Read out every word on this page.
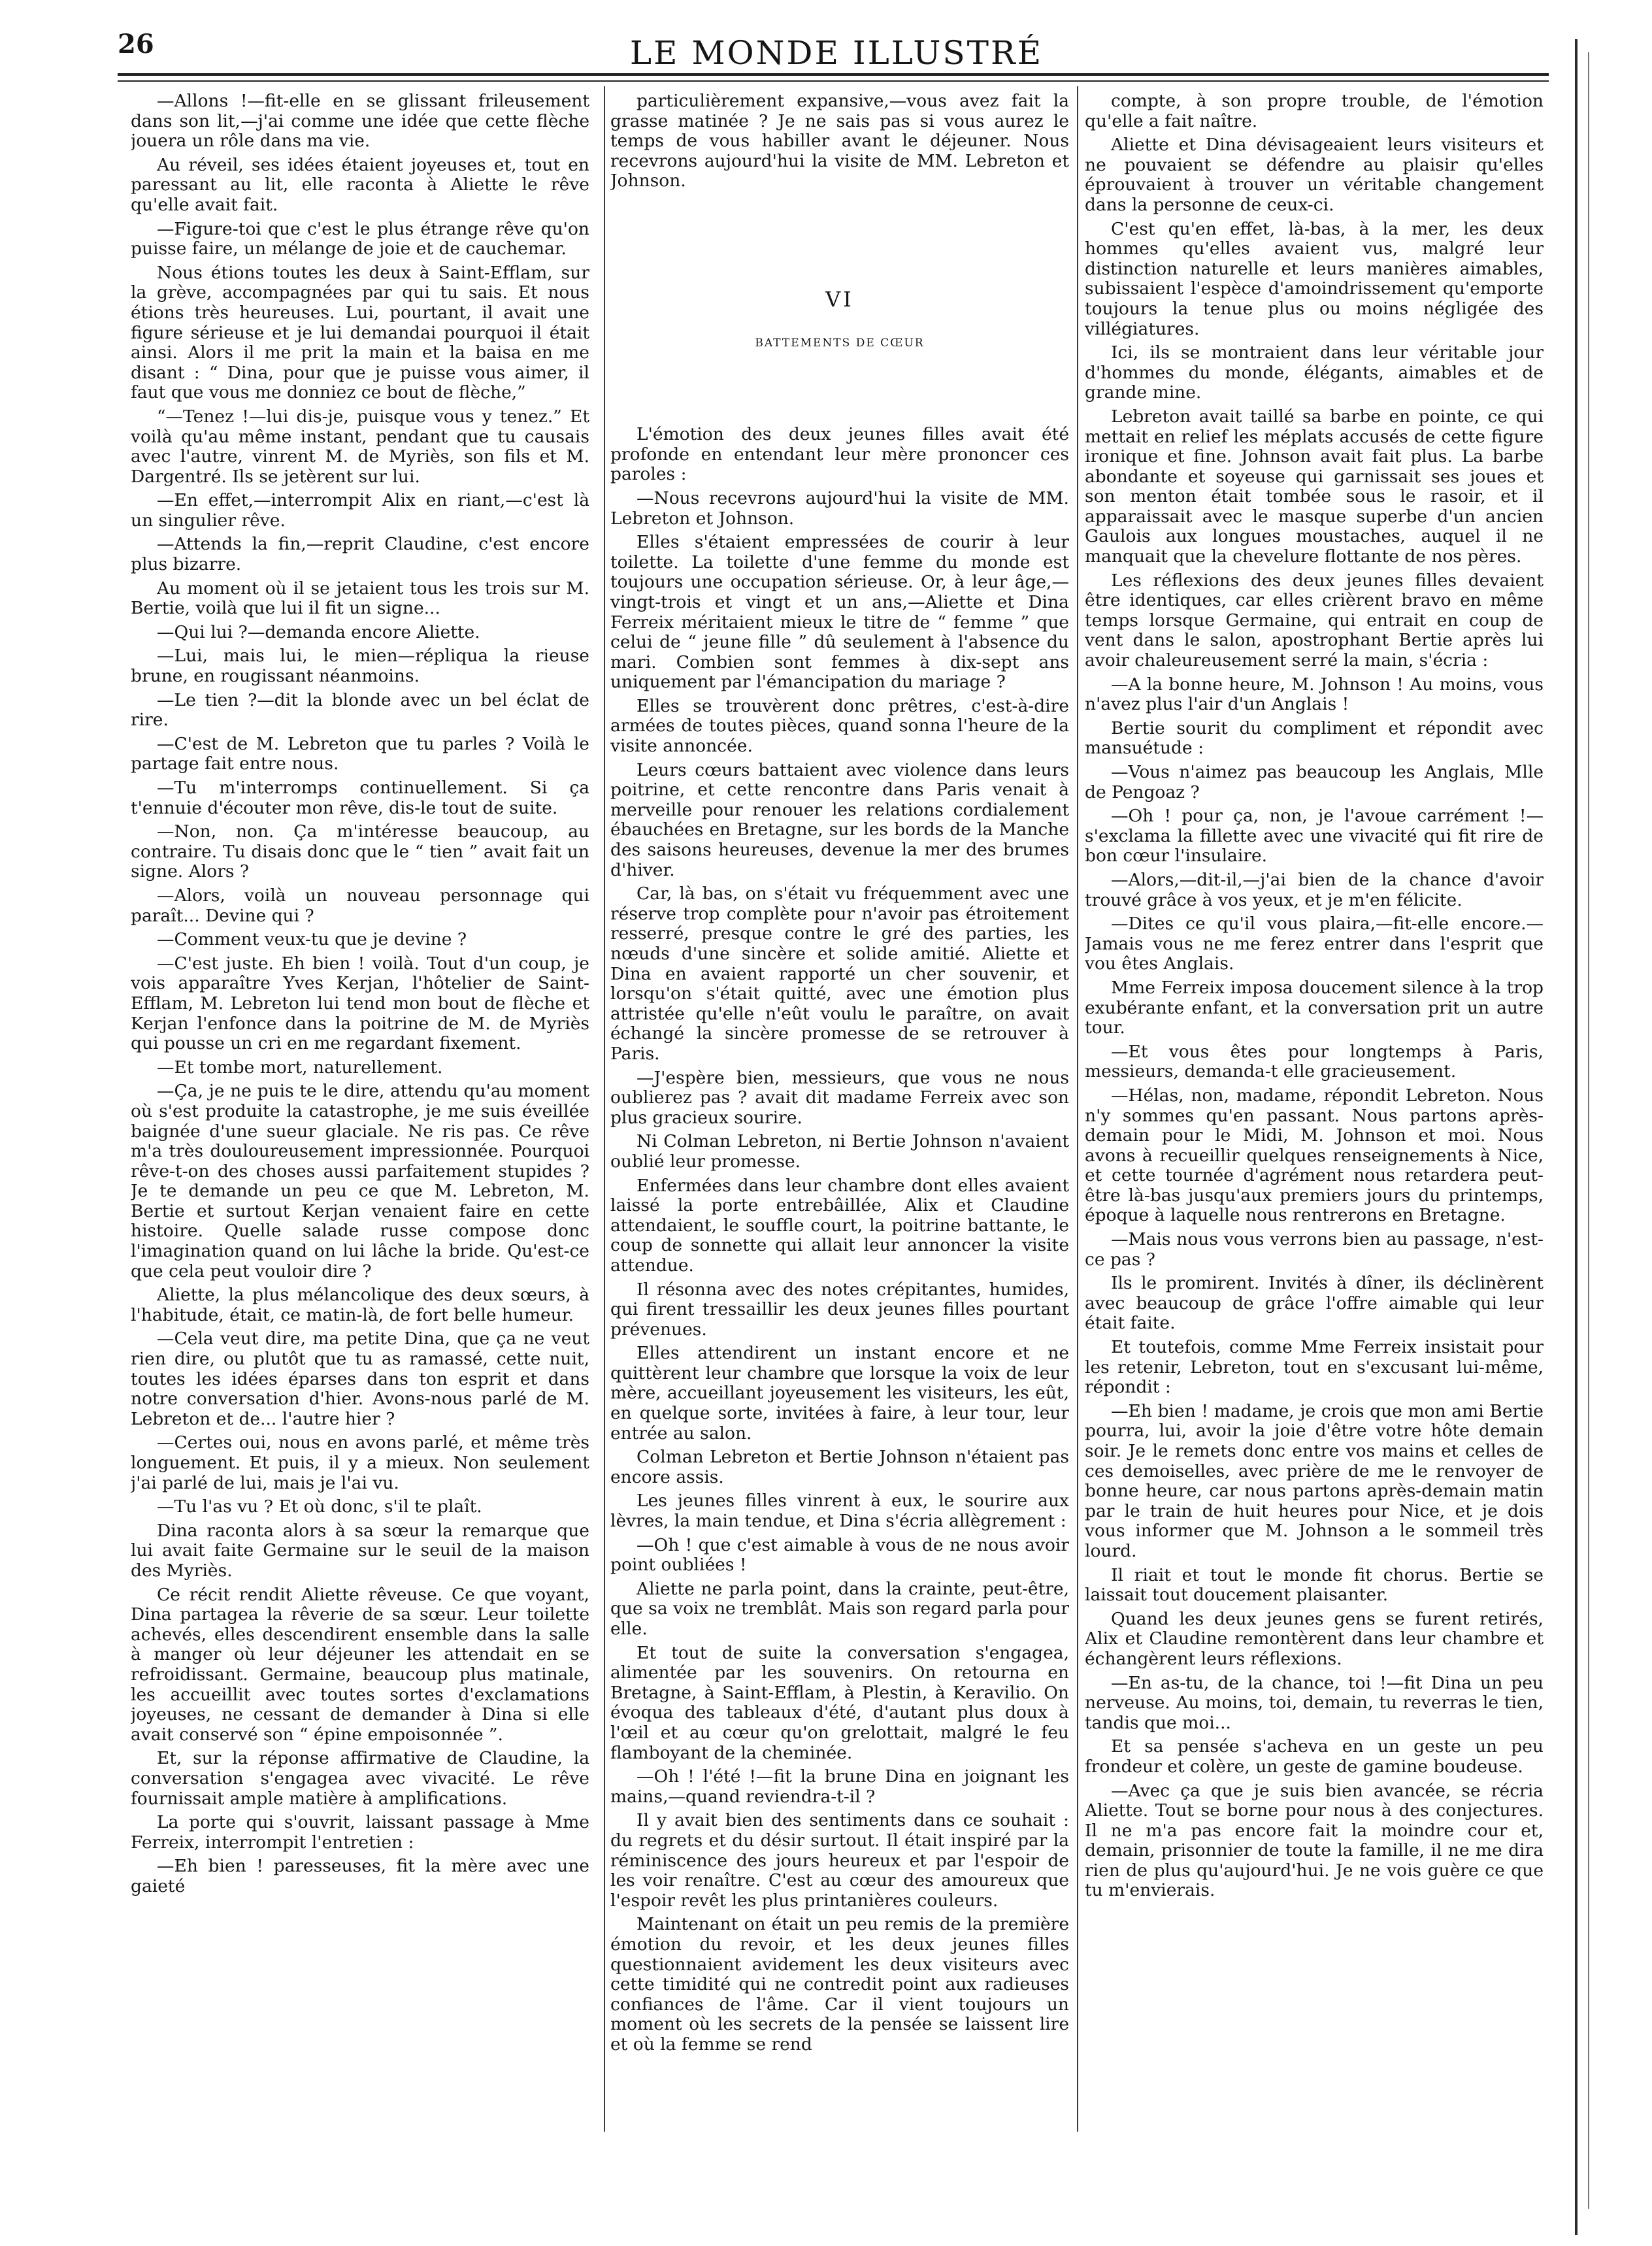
26	LE MONDE ILLUSTRÉ

—Allons !—fit-elle en se glissant frileusement dans son lit,—j'ai comme une idée que cette flèche jouera un rôle dans ma vie.

Au réveil, ses idées étaient joyeuses et, tout en paressant au lit, elle raconta à Aliette le rêve qu'elle avait fait.

—Figure-toi que c'est le plus étrange rêve qu'on puisse faire, un mélange de joie et de cauchemar.

Nous étions toutes les deux à Saint-Efflam, sur la grève, accompagnées par qui tu sais. Et nous étions très heureuses. Lui, pourtant, il avait une figure sérieuse et je lui demandai pourquoi il était ainsi. Alors il me prit la main et la baisa en me disant : “ Dina, pour que je puisse vous aimer, il faut que vous me donniez ce bout de flèche,”

“—Tenez !—lui dis-je, puisque vous y tenez.” Et voilà qu'au même instant, pendant que tu causais avec l'autre, vinrent M. de Myriès, son fils et M. Dargentré. Ils se jetèrent sur lui.

—En effet,—interrompit Alix en riant,—c'est là un singulier rêve.

—Attends la fin,—reprit Claudine, c'est encore plus bizarre.

Au moment où il se jetaient tous les trois sur M. Bertie, voilà que lui il fit un signe...

—Qui lui ?—demanda encore Aliette.

—Lui, mais lui, le mien—répliqua la rieuse brune, en rougissant néanmoins.

—Le tien ?—dit la blonde avec un bel éclat de rire.

—C'est de M. Lebreton que tu parles ? Voilà le partage fait entre nous.

—Tu m'interromps continuellement. Si ça t'ennuie d'écouter mon rêve, dis-le tout de suite.

—Non, non. Ça m'intéresse beaucoup, au contraire. Tu disais donc que le “ tien ” avait fait un signe. Alors ?

—Alors, voilà un nouveau personnage qui paraît... Devine qui ?

—Comment veux-tu que je devine ?

—C'est juste. Eh bien ! voilà. Tout d'un coup, je vois apparaître Yves Kerjan, l'hôtelier de Saint-Efflam, M. Lebreton lui tend mon bout de flèche et Kerjan l'enfonce dans la poitrine de M. de Myriès qui pousse un cri en me regardant fixement.

—Et tombe mort, naturellement.

—Ça, je ne puis te le dire, attendu qu'au moment où s'est produite la catastrophe, je me suis éveillée baignée d'une sueur glaciale. Ne ris pas. Ce rêve m'a très douloureusement impressionnée. Pourquoi rêve-t-on des choses aussi parfaitement stupides ? Je te demande un peu ce que M. Lebreton, M. Bertie et surtout Kerjan venaient faire en cette histoire. Quelle salade russe compose donc l'imagination quand on lui lâche la bride. Qu'est-ce que cela peut vouloir dire ?

Aliette, la plus mélancolique des deux sœurs, à l'habitude, était, ce matin-là, de fort belle humeur.

—Cela veut dire, ma petite Dina, que ça ne veut rien dire, ou plutôt que tu as ramassé, cette nuit, toutes les idées éparses dans ton esprit et dans notre conversation d'hier. Avons-nous parlé de M. Lebreton et de... l'autre hier ?

—Certes oui, nous en avons parlé, et même très longuement. Et puis, il y a mieux. Non seulement j'ai parlé de lui, mais je l'ai vu.

—Tu l'as vu ? Et où donc, s'il te plaît.

Dina raconta alors à sa sœur la remarque que lui avait faite Germaine sur le seuil de la maison des Myriès.

Ce récit rendit Aliette rêveuse. Ce que voyant, Dina partagea la rêverie de sa sœur. Leur toilette achevés, elles descendirent ensemble dans la salle à manger où leur déjeuner les attendait en se refroidissant. Germaine, beaucoup plus matinale, les accueillit avec toutes sortes d'exclamations joyeuses, ne cessant de demander à Dina si elle avait conservé son “ épine empoisonnée ”.

Et, sur la réponse affirmative de Claudine, la conversation s'engagea avec vivacité. Le rêve fournissait ample matière à amplifications.

La porte qui s'ouvrit, laissant passage à Mme Ferreix, interrompit l'entretien :

—Eh bien ! paresseuses, fit la mère avec une gaieté

particulièrement expansive,—vous avez fait la grasse matinée ? Je ne sais pas si vous aurez le temps de vous habiller avant le déjeuner. Nous recevrons aujourd'hui la visite de MM. Lebreton et Johnson.

VI
BATTEMENTS DE CŒUR

L'émotion des deux jeunes filles avait été profonde en entendant leur mère prononcer ces paroles :

—Nous recevrons aujourd'hui la visite de MM. Lebreton et Johnson.

Elles s'étaient empressées de courir à leur toilette. La toilette d'une femme du monde est toujours une occupation sérieuse. Or, à leur âge,—vingt-trois et vingt et un ans,—Aliette et Dina Ferreix méritaient mieux le titre de “ femme ” que celui de “ jeune fille ” dû seulement à l'absence du mari. Combien sont femmes à dix-sept ans uniquement par l'émancipation du mariage ?

Elles se trouvèrent donc prêtres, c'est-à-dire armées de toutes pièces, quand sonna l'heure de la visite annoncée.

Leurs cœurs battaient avec violence dans leurs poitrine, et cette rencontre dans Paris venait à merveille pour renouer les relations cordialement ébauchées en Bretagne, sur les bords de la Manche des saisons heureuses, devenue la mer des brumes d'hiver.

Car, là bas, on s'était vu fréquemment avec une réserve trop complète pour n'avoir pas étroitement resserré, presque contre le gré des parties, les nœuds d'une sincère et solide amitié. Aliette et Dina en avaient rapporté un cher souvenir, et lorsqu'on s'était quitté, avec une émotion plus attristée qu'elle n'eût voulu le paraître, on avait échangé la sincère promesse de se retrouver à Paris.

—J'espère bien, messieurs, que vous ne nous oublierez pas ? avait dit madame Ferreix avec son plus gracieux sourire.

Ni Colman Lebreton, ni Bertie Johnson n'avaient oublié leur promesse.

Enfermées dans leur chambre dont elles avaient laissé la porte entrebâillée, Alix et Claudine attendaient, le souffle court, la poitrine battante, le coup de sonnette qui allait leur annoncer la visite attendue.

Il résonna avec des notes crépitantes, humides, qui firent tressaillir les deux jeunes filles pourtant prévenues.

Elles attendirent un instant encore et ne quittèrent leur chambre que lorsque la voix de leur mère, accueillant joyeusement les visiteurs, les eût, en quelque sorte, invitées à faire, à leur tour, leur entrée au salon.

Colman Lebreton et Bertie Johnson n'étaient pas encore assis.

Les jeunes filles vinrent à eux, le sourire aux lèvres, la main tendue, et Dina s'écria allègrement :

—Oh ! que c'est aimable à vous de ne nous avoir point oubliées !

Aliette ne parla point, dans la crainte, peut-être, que sa voix ne tremblât. Mais son regard parla pour elle.

Et tout de suite la conversation s'engagea, alimentée par les souvenirs. On retourna en Bretagne, à Saint-Efflam, à Plestin, à Keravilio. On évoqua des tableaux d'été, d'autant plus doux à l'œil et au cœur qu'on grelottait, malgré le feu flamboyant de la cheminée.

—Oh ! l'été !—fit la brune Dina en joignant les mains,—quand reviendra-t-il ?

Il y avait bien des sentiments dans ce souhait : du regrets et du désir surtout. Il était inspiré par la réminiscence des jours heureux et par l'espoir de les voir renaître. C'est au cœur des amoureux que l'espoir revêt les plus printanières couleurs.

Maintenant on était un peu remis de la première émotion du revoir, et les deux jeunes filles questionnaient avidement les deux visiteurs avec cette timidité qui ne contredit point aux radieuses confiances de l'âme. Car il vient toujours un moment où les secrets de la pensée se laissent lire et où la femme se rend

compte, à son propre trouble, de l'émotion qu'elle a fait naître.

Aliette et Dina dévisageaient leurs visiteurs et ne pouvaient se défendre au plaisir qu'elles éprouvaient à trouver un véritable changement dans la personne de ceux-ci.

C'est qu'en effet, là-bas, à la mer, les deux hommes qu'elles avaient vus, malgré leur distinction naturelle et leurs manières aimables, subissaient l'espèce d'amoindrissement qu'emporte toujours la tenue plus ou moins négligée des villégiatures.

Ici, ils se montraient dans leur véritable jour d'hommes du monde, élégants, aimables et de grande mine.

Lebreton avait taillé sa barbe en pointe, ce qui mettait en relief les méplats accusés de cette figure ironique et fine. Johnson avait fait plus. La barbe abondante et soyeuse qui garnissait ses joues et son menton était tombée sous le rasoir, et il apparaissait avec le masque superbe d'un ancien Gaulois aux longues moustaches, auquel il ne manquait que la chevelure flottante de nos pères.

Les réflexions des deux jeunes filles devaient être identiques, car elles crièrent bravo en même temps lorsque Germaine, qui entrait en coup de vent dans le salon, apostrophant Bertie après lui avoir chaleureusement serré la main, s'écria :

—A la bonne heure, M. Johnson ! Au moins, vous n'avez plus l'air d'un Anglais !

Bertie sourit du compliment et répondit avec mansuétude :

—Vous n'aimez pas beaucoup les Anglais, Mlle de Pengoaz ?

—Oh ! pour ça, non, je l'avoue carrément !—s'exclama la fillette avec une vivacité qui fit rire de bon cœur l'insulaire.

—Alors,—dit-il,—j'ai bien de la chance d'avoir trouvé grâce à vos yeux, et je m'en félicite.

—Dites ce qu'il vous plaira,—fit-elle encore.—Jamais vous ne me ferez entrer dans l'esprit que vou êtes Anglais.

Mme Ferreix imposa doucement silence à la trop exubérante enfant, et la conversation prit un autre tour.

—Et vous êtes pour longtemps à Paris, messieurs, demanda-t elle gracieusement.

—Hélas, non, madame, répondit Lebreton. Nous n'y sommes qu'en passant. Nous partons après-demain pour le Midi, M. Johnson et moi. Nous avons à recueillir quelques renseignements à Nice, et cette tournée d'agrément nous retardera peut-être là-bas jusqu'aux premiers jours du printemps, époque à laquelle nous rentrerons en Bretagne.

—Mais nous vous verrons bien au passage, n'est-ce pas ?

Ils le promirent. Invités à dîner, ils déclinèrent avec beaucoup de grâce l'offre aimable qui leur était faite.

Et toutefois, comme Mme Ferreix insistait pour les retenir, Lebreton, tout en s'excusant lui-même, répondit :

—Eh bien ! madame, je crois que mon ami Bertie pourra, lui, avoir la joie d'être votre hôte demain soir. Je le remets donc entre vos mains et celles de ces demoiselles, avec prière de me le renvoyer de bonne heure, car nous partons après-demain matin par le train de huit heures pour Nice, et je dois vous informer que M. Johnson a le sommeil très lourd.

Il riait et tout le monde fit chorus. Bertie se laissait tout doucement plaisanter.

Quand les deux jeunes gens se furent retirés, Alix et Claudine remontèrent dans leur chambre et échangèrent leurs réflexions.

—En as-tu, de la chance, toi !—fit Dina un peu nerveuse. Au moins, toi, demain, tu reverras le tien, tandis que moi...

Et sa pensée s'acheva en un geste un peu frondeur et colère, un geste de gamine boudeuse.

—Avec ça que je suis bien avancée, se récria Aliette. Tout se borne pour nous à des conjectures. Il ne m'a pas encore fait la moindre cour et, demain, prisonnier de toute la famille, il ne me dira rien de plus qu'aujourd'hui. Je ne vois guère ce que tu m'envierais.
